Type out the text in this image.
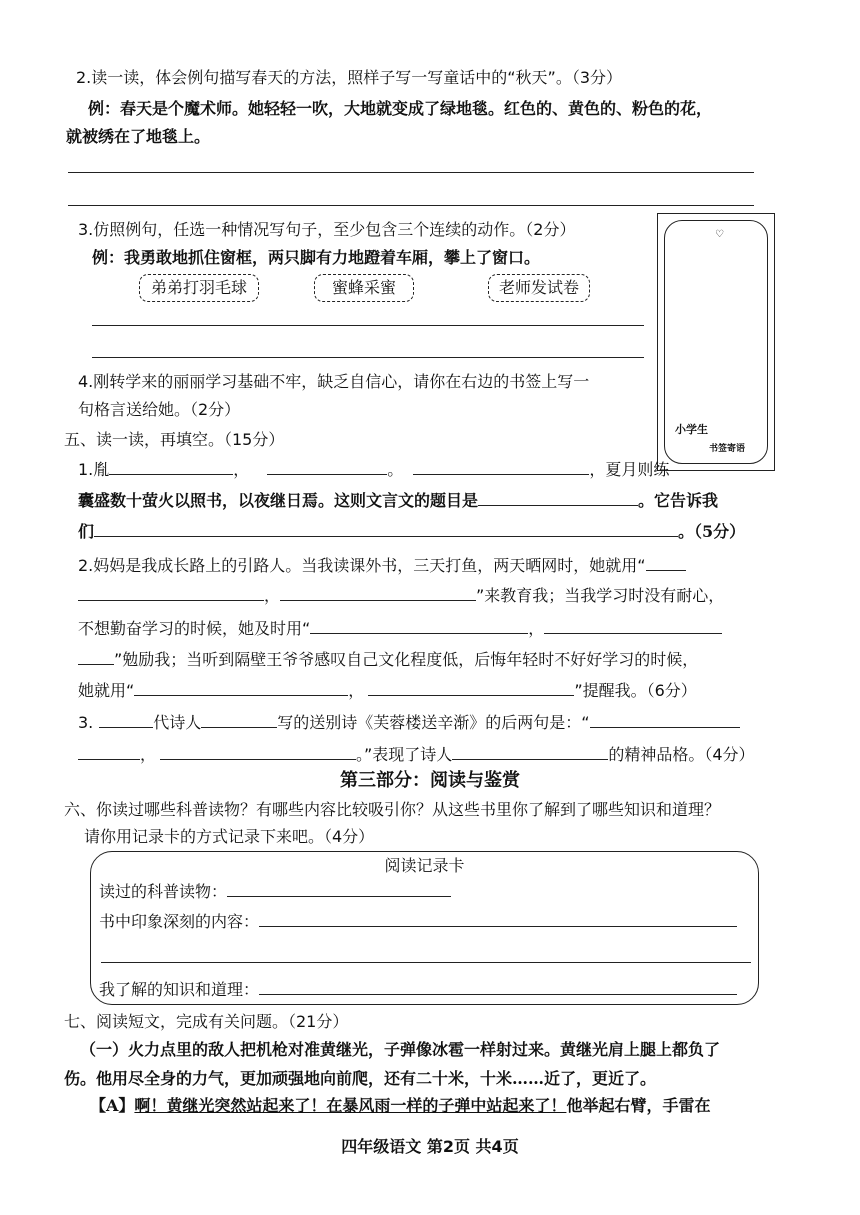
2.读一读，体会例句描写春天的方法，照样子写一写童话中的“秋天”。（3分）
例：春天是个魔术师。她轻轻一吹，大地就变成了绿地毯。红色的、黄色的、粉色的花，
就被绣在了地毯上。
3.仿照例句，任选一种情况写句子，至少包含三个连续的动作。（2分）
例：我勇敢地抓住窗框，两只脚有力地蹬着车厢，攀上了窗口。
弟弟打羽毛球	蜜蜂采蜜	老师发试卷
4.刚转学来的丽丽学习基础不牢，缺乏自信心，请你在右边的书签上写一
句格言送给她。（2分）
♡
小学生
书签寄语
五、读一读，再填空。（15分）
1.胤	，	。	，夏月则练
囊盛数十萤火以照书，以夜继日焉。这则文言文的题目是	。它告诉我
们	。（5分）
2.妈妈是我成长路上的引路人。当我读课外书，三天打鱼，两天晒网时，她就用“
，	”来教育我；当我学习时没有耐心，
不想勤奋学习的时候，她及时用“	，
”勉励我；当听到隔壁王爷爷感叹自己文化程度低，后悔年轻时不好好学习的时候，
她就用“	，	”提醒我。（6分）
3.	代诗人	写的送别诗《芙蓉楼送辛渐》的后两句是：“
，	。”表现了诗人	的精神品格。（4分）
第三部分：阅读与鉴赏
六、你读过哪些科普读物？有哪些内容比较吸引你？从这些书里你了解到了哪些知识和道理？
请你用记录卡的方式记录下来吧。（4分）
阅读记录卡
读过的科普读物：
书中印象深刻的内容：
我了解的知识和道理：
七、阅读短文，完成有关问题。（21分）
（一）火力点里的敌人把机枪对准黄继光，子弹像冰雹一样射过来。黄继光肩上腿上都负了
伤。他用尽全身的力气，更加顽强地向前爬，还有二十米，十米……近了，更近了。
【A】啊！黄继光突然站起来了！在暴风雨一样的子弹中站起来了！他举起右臂，手雷在
四年级语文 第2页 共4页
